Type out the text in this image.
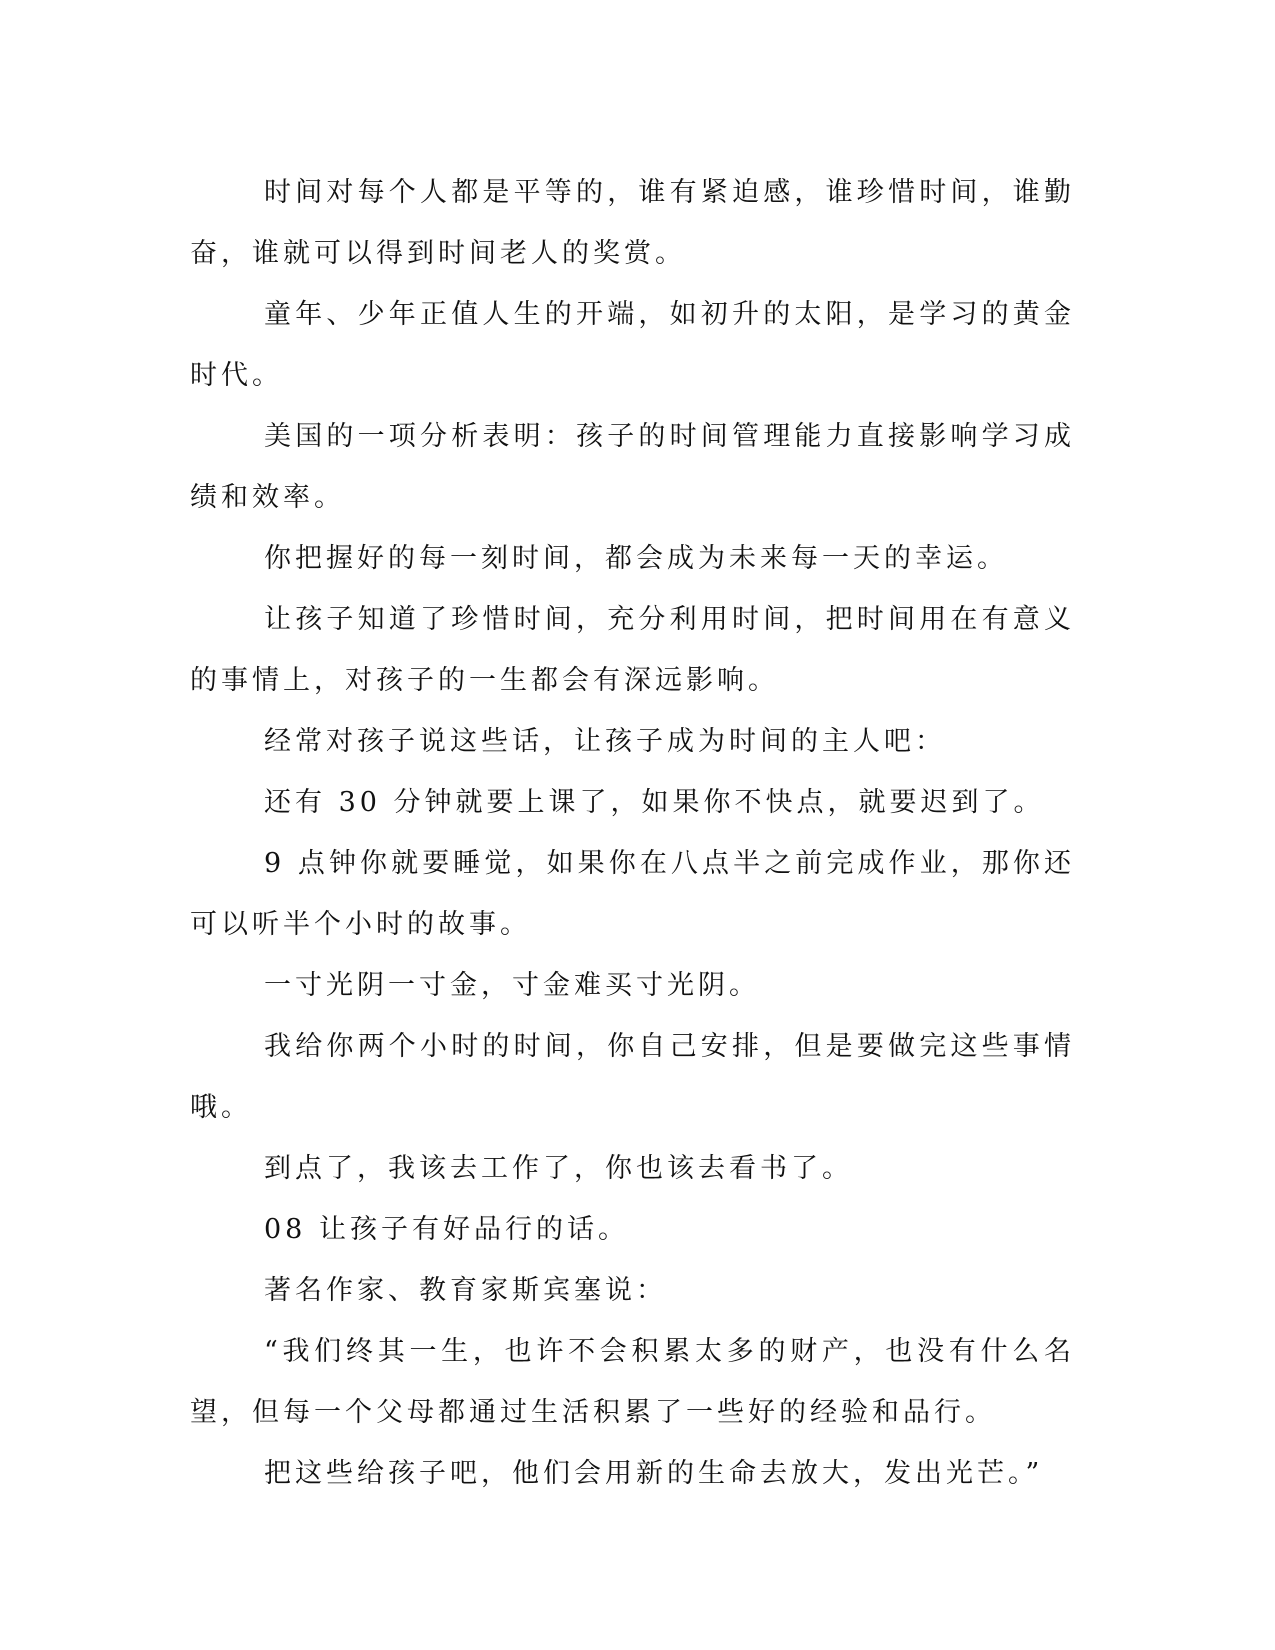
时间对每个人都是平等的，谁有紧迫感，谁珍惜时间，谁勤奋，谁就可以得到时间老人的奖赏。

童年、少年正值人生的开端，如初升的太阳，是学习的黄金时代。

美国的一项分析表明：孩子的时间管理能力直接影响学习成绩和效率。

你把握好的每一刻时间，都会成为未来每一天的幸运。

让孩子知道了珍惜时间，充分利用时间，把时间用在有意义的事情上，对孩子的一生都会有深远影响。

经常对孩子说这些话，让孩子成为时间的主人吧：

还有 30 分钟就要上课了，如果你不快点，就要迟到了。

9 点钟你就要睡觉，如果你在八点半之前完成作业，那你还可以听半个小时的故事。

一寸光阴一寸金，寸金难买寸光阴。

我给你两个小时的时间，你自己安排，但是要做完这些事情哦。

到点了，我该去工作了，你也该去看书了。

08 让孩子有好品行的话。

著名作家、教育家斯宾塞说：

“我们终其一生，也许不会积累太多的财产，也没有什么名望，但每一个父母都通过生活积累了一些好的经验和品行。

把这些给孩子吧，他们会用新的生命去放大，发出光芒。”
